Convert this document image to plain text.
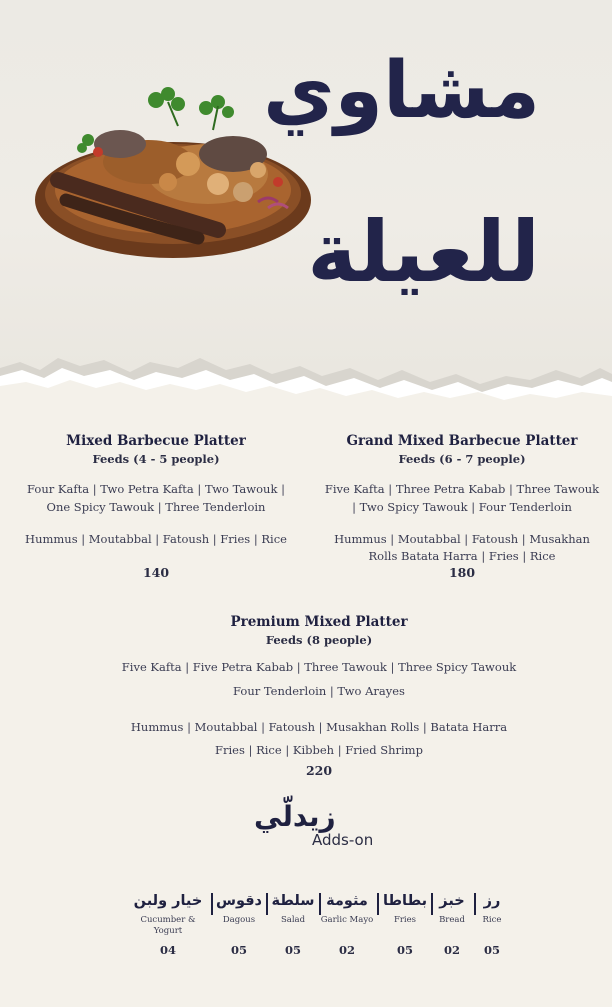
مشاوي
للعيلة
Mixed Barbecue Platter
Feeds (4 - 5 people)
Four Kafta | Two Petra Kafta | Two Tawouk |
One Spicy Tawouk | Three Tenderloin
Hummus | Moutabbal | Fatoush | Fries | Rice
140
Grand Mixed Barbecue Platter
Feeds (6 - 7 people)
Five Kafta | Three Petra Kabab | Three Tawouk
| Two Spicy Tawouk | Four Tenderloin
Hummus | Moutabbal | Fatoush | Musakhan
Rolls Batata Harra | Fries | Rice
180
Premium Mixed Platter
Feeds (8 people)
Five Kafta | Five Petra Kabab | Three Tawouk | Three Spicy Tawouk
Four Tenderloin | Two Arayes
Hummus | Moutabbal | Fatoush | Musakhan Rolls | Batata Harra
Fries | Rice | Kibbeh | Fried Shrimp
220
زيدلّي
Adds-on
خيار ولبن
Cucumber & Yogurt
04
دقوس
Dagous
05
سلطة
Salad
05
مثومة
Garlic Mayo
02
بطاطا
Fries
05
خبز
Bread
02
رز
Rice
05
